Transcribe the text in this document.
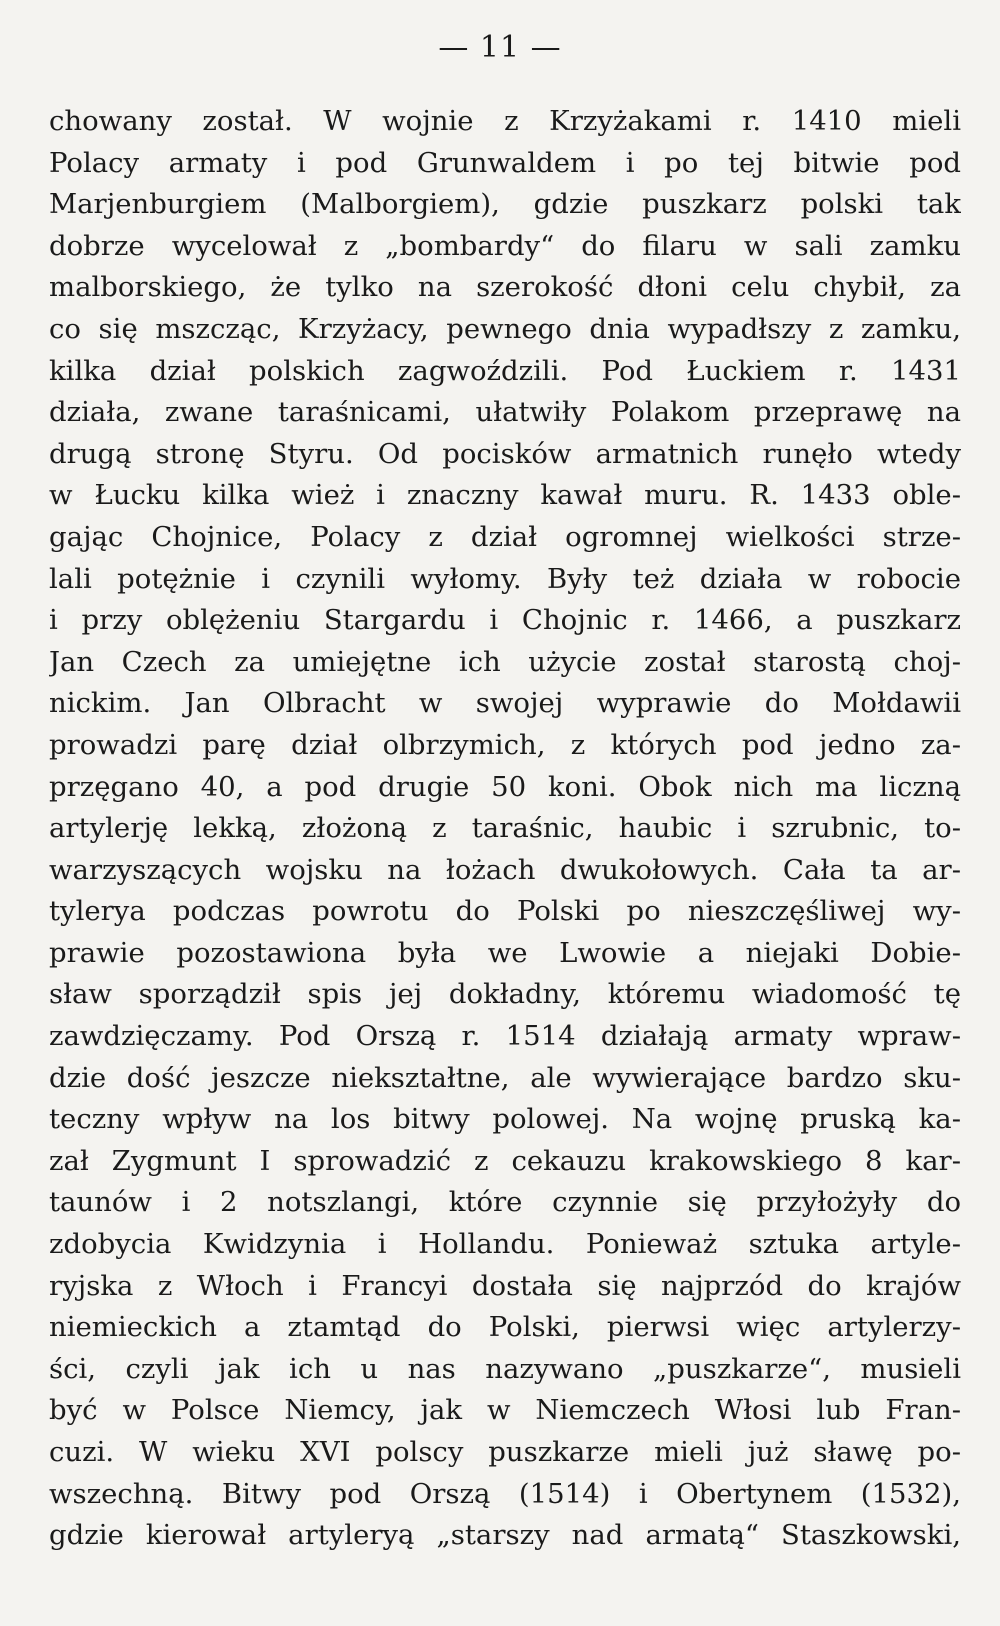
— 11 —
chowany został. W wojnie z Krzyżakami r. 1410 mieli
Polacy armaty i pod Grunwaldem i po tej bitwie pod
Marjenburgiem (Malborgiem), gdzie puszkarz polski tak
dobrze wycelował z „bombardy“ do filaru w sali zamku
malborskiego, że tylko na szerokość dłoni celu chybił, za
co się mszcząc, Krzyżacy, pewnego dnia wypadłszy z zamku,
kilka dział polskich zagwoździli. Pod Łuckiem r. 1431
działa, zwane taraśnicami, ułatwiły Polakom przeprawę na
drugą stronę Styru. Od pocisków armatnich runęło wtedy
w Łucku kilka wież i znaczny kawał muru. R. 1433 oble-
gając Chojnice, Polacy z dział ogromnej wielkości strze-
lali potężnie i czynili wyłomy. Były też działa w robocie
i przy oblężeniu Stargardu i Chojnic r. 1466, a puszkarz
Jan Czech za umiejętne ich użycie został starostą choj-
nickim. Jan Olbracht w swojej wyprawie do Mołdawii
prowadzi parę dział olbrzymich, z których pod jedno za-
przęgano 40, a pod drugie 50 koni. Obok nich ma liczną
artylerję lekką, złożoną z taraśnic, haubic i szrubnic, to-
warzyszących wojsku na łożach dwukołowych. Cała ta ar-
tylerya podczas powrotu do Polski po nieszczęśliwej wy-
prawie pozostawiona była we Lwowie a niejaki Dobie-
sław sporządził spis jej dokładny, któremu wiadomość tę
zawdzięczamy. Pod Orszą r. 1514 działają armaty wpraw-
dzie dość jeszcze niekształtne, ale wywierające bardzo sku-
teczny wpływ na los bitwy polowej. Na wojnę pruską ka-
zał Zygmunt I sprowadzić z cekauzu krakowskiego 8 kar-
taunów i 2 notszlangi, które czynnie się przyłożyły do
zdobycia Kwidzynia i Hollandu. Ponieważ sztuka artyle-
ryjska z Włoch i Francyi dostała się najprzód do krajów
niemieckich a ztamtąd do Polski, pierwsi więc artylerzy-
ści, czyli jak ich u nas nazywano „puszkarze“, musieli
być w Polsce Niemcy, jak w Niemczech Włosi lub Fran-
cuzi. W wieku XVI polscy puszkarze mieli już sławę po-
wszechną. Bitwy pod Orszą (1514) i Obertynem (1532),
gdzie kierował artyleryą „starszy nad armatą“ Staszkowski,
